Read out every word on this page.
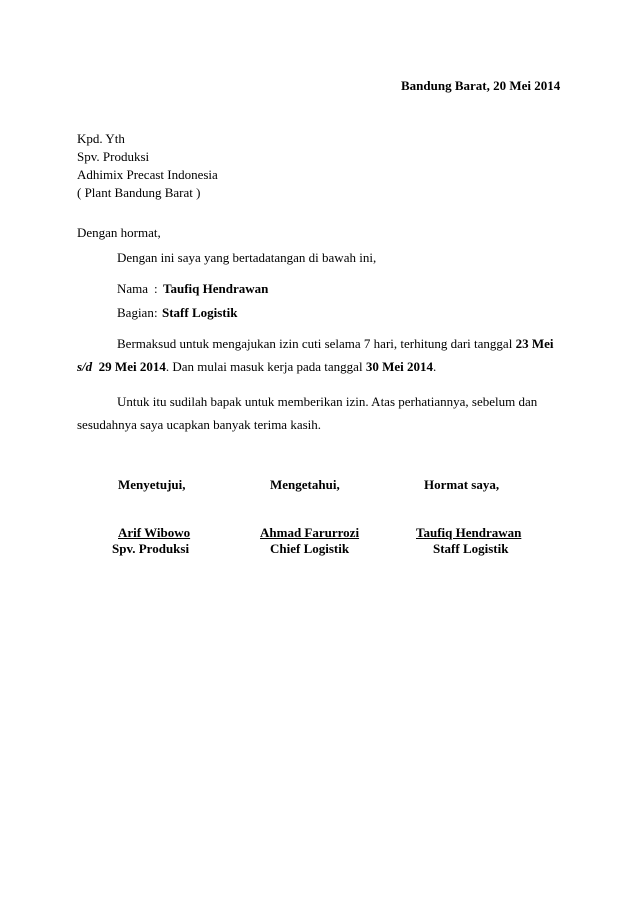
Bandung Barat, 20 Mei 2014
Kpd. Yth
Spv. Produksi
Adhimix Precast Indonesia
( Plant Bandung Barat )
Dengan hormat,
Dengan ini saya yang bertadatangan di bawah ini,
Nama : Taufiq Hendrawan
Bagian : Staff Logistik
Bermaksud untuk mengajukan izin cuti selama 7 hari, terhitung dari tanggal 23 Mei
s/d 29 Mei 2014. Dan mulai masuk kerja pada tanggal 30 Mei 2014.
Untuk itu sudilah bapak untuk memberikan izin. Atas perhatiannya, sebelum dan
sesudahnya saya ucapkan banyak terima kasih.
Menyetujui,	Mengetahui,	Hormat saya,
Arif Wibowo	Ahmad Farurrozi	Taufiq Hendrawan
Spv. Produksi	Chief Logistik	Staff Logistik
